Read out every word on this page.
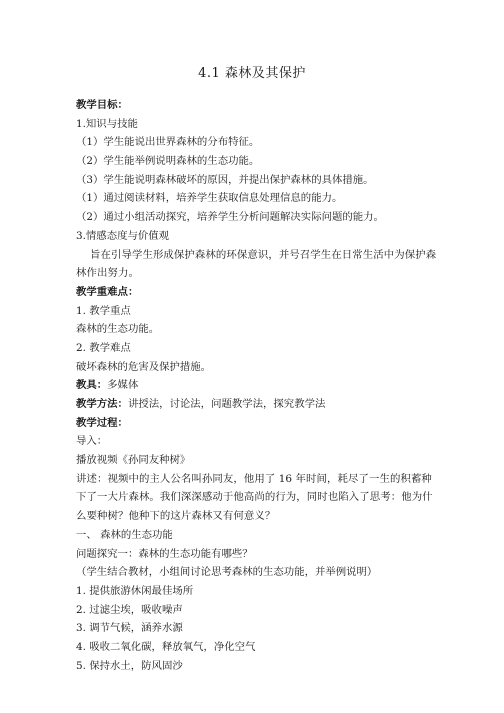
4.1 森林及其保护
教学目标：
1.知识与技能
（1）学生能说出世界森林的分布特征。
（2）学生能举例说明森林的生态功能。
（3）学生能说明森林破坏的原因，并提出保护森林的具体措施。
（1）通过阅读材料，培养学生获取信息处理信息的能力。
（2）通过小组活动探究，培养学生分析问题解决实际问题的能力。
3.情感态度与价值观
旨在引导学生形成保护森林的环保意识，并号召学生在日常生活中为保护森林作出努力。
教学重难点：
1. 教学重点
森林的生态功能。
2. 教学难点
破坏森林的危害及保护措施。
教具：多媒体
教学方法：讲授法，讨论法，问题教学法，探究教学法
教学过程：
导入：
播放视频《孙同友种树》
讲述：视频中的主人公名叫孙同友，他用了 16 年时间，耗尽了一生的积蓄种下了一大片森林。我们深深感动于他高尚的行为，同时也陷入了思考：他为什么要种树？他种下的这片森林又有何意义？
一、 森林的生态功能
问题探究一：森林的生态功能有哪些？
（学生结合教材，小组间讨论思考森林的生态功能，并举例说明）
1. 提供旅游休闲最佳场所
2. 过滤尘埃，吸收噪声
3. 调节气候，涵养水源
4. 吸收二氧化碳，释放氧气，净化空气
5. 保持水土，防风固沙
